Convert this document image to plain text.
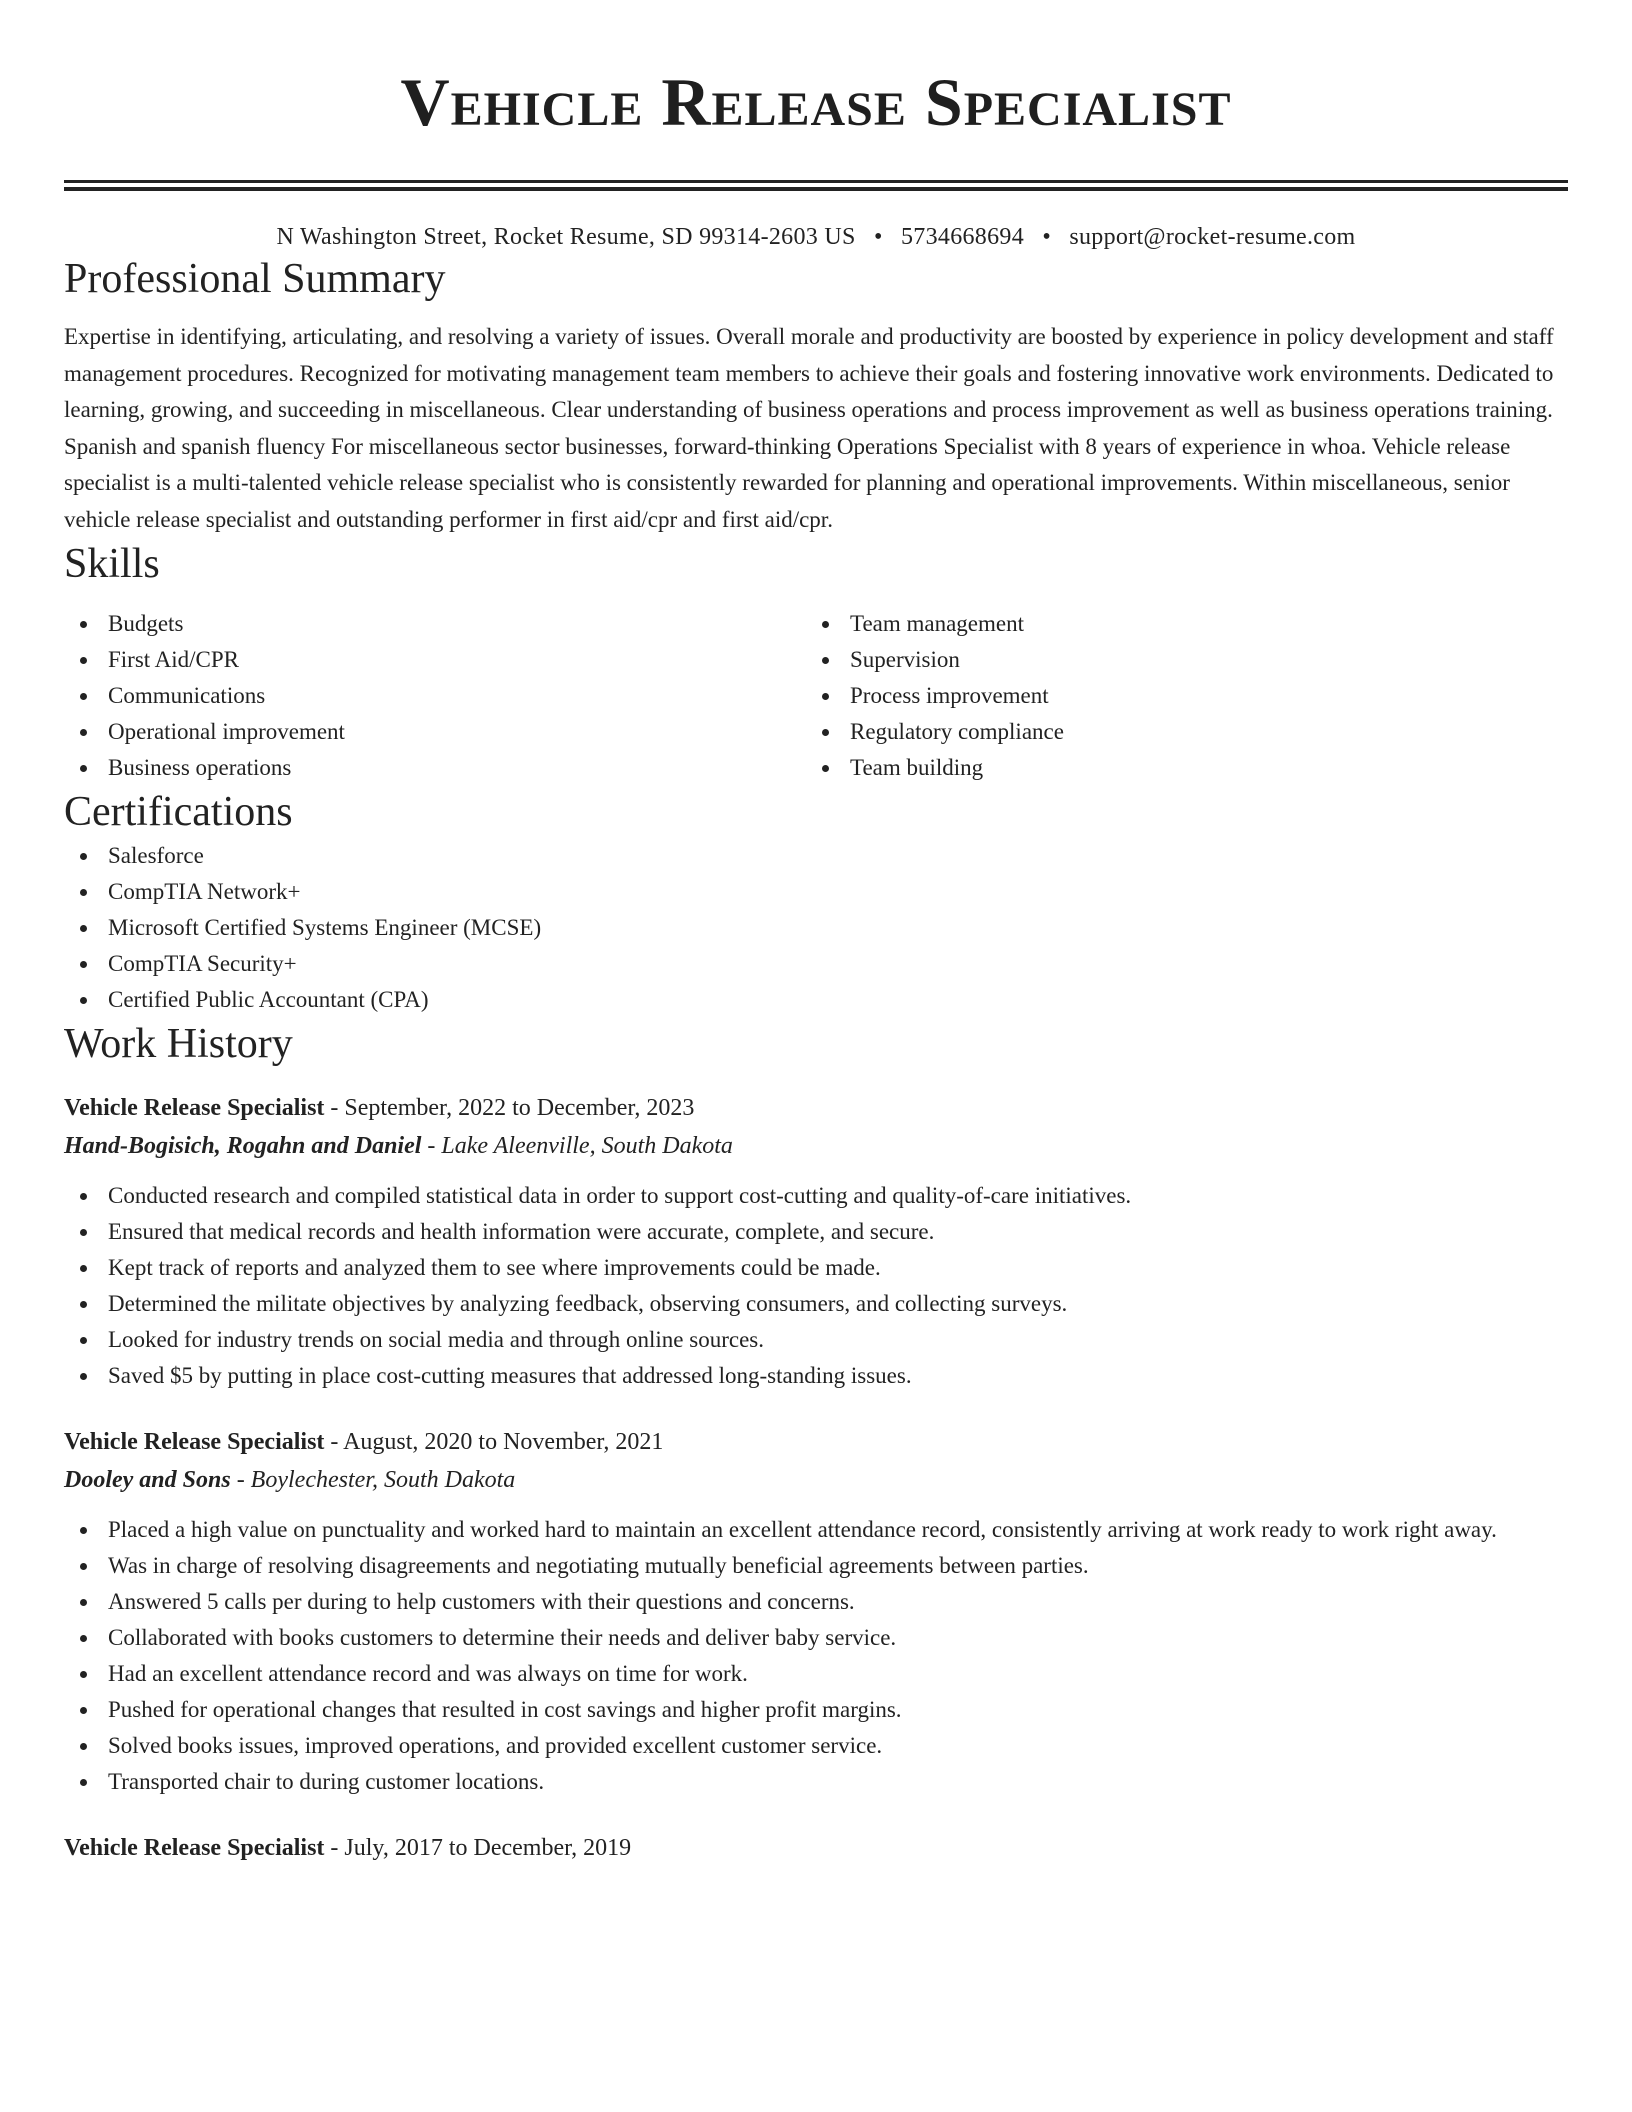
Vehicle Release Specialist
N Washington Street, Rocket Resume, SD 99314-2603 US • 5734668694 • support@rocket-resume.com
Professional Summary

Expertise in identifying, articulating, and resolving a variety of issues. Overall morale and productivity are boosted by experience in policy development and staff management procedures. Recognized for motivating management team members to achieve their goals and fostering innovative work environments. Dedicated to learning, growing, and succeeding in miscellaneous. Clear understanding of business operations and process improvement as well as business operations training. Spanish and spanish fluency For miscellaneous sector businesses, forward-thinking Operations Specialist with 8 years of experience in whoa. Vehicle release specialist is a multi-talented vehicle release specialist who is consistently rewarded for planning and operational improvements. Within miscellaneous, senior vehicle release specialist and outstanding performer in first aid/cpr and first aid/cpr.

Skills
Budgets
First Aid/CPR
Communications
Operational improvement
Business operations
Team management
Supervision
Process improvement
Regulatory compliance
Team building
Certifications
Salesforce
CompTIA Network+
Microsoft Certified Systems Engineer (MCSE)
CompTIA Security+
Certified Public Accountant (CPA)
Work History
Vehicle Release Specialist - September, 2022 to December, 2023
Hand-Bogisich, Rogahn and Daniel - Lake Aleenville, South Dakota
Conducted research and compiled statistical data in order to support cost-cutting and quality-of-care initiatives.
Ensured that medical records and health information were accurate, complete, and secure.
Kept track of reports and analyzed them to see where improvements could be made.
Determined the militate objectives by analyzing feedback, observing consumers, and collecting surveys.
Looked for industry trends on social media and through online sources.
Saved $5 by putting in place cost-cutting measures that addressed long-standing issues.
Vehicle Release Specialist - August, 2020 to November, 2021
Dooley and Sons - Boylechester, South Dakota
Placed a high value on punctuality and worked hard to maintain an excellent attendance record, consistently arriving at work ready to work right away.
Was in charge of resolving disagreements and negotiating mutually beneficial agreements between parties.
Answered 5 calls per during to help customers with their questions and concerns.
Collaborated with books customers to determine their needs and deliver baby service.
Had an excellent attendance record and was always on time for work.
Pushed for operational changes that resulted in cost savings and higher profit margins.
Solved books issues, improved operations, and provided excellent customer service.
Transported chair to during customer locations.
Vehicle Release Specialist - July, 2017 to December, 2019
